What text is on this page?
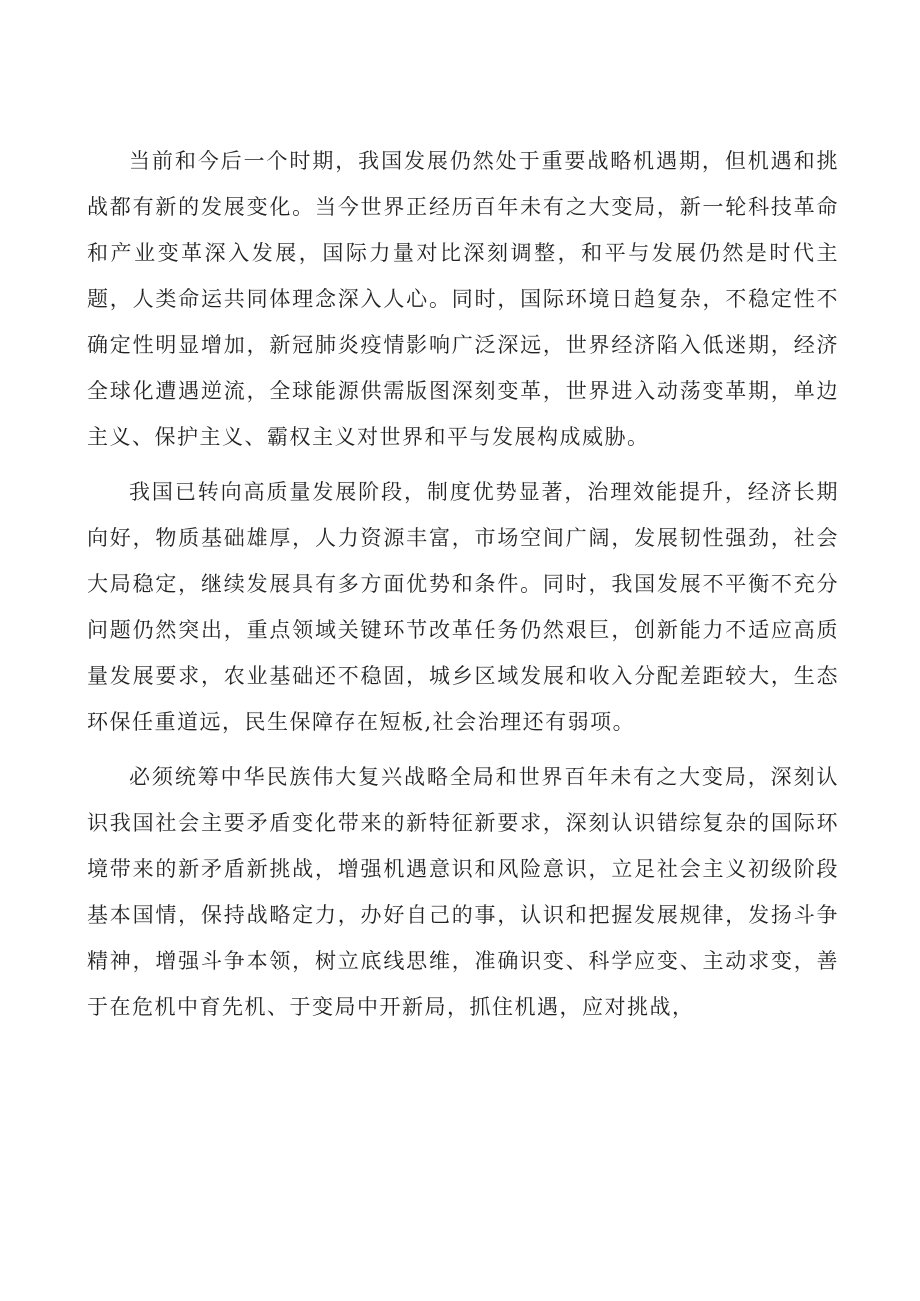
当前和今后一个时期，我国发展仍然处于重要战略机遇期，但机遇和挑战都有新的发展变化。当今世界正经历百年未有之大变局，新一轮科技革命和产业变革深入发展，国际力量对比深刻调整，和平与发展仍然是时代主题，人类命运共同体理念深入人心。同时，国际环境日趋复杂，不稳定性不确定性明显增加，新冠肺炎疫情影响广泛深远，世界经济陷入低迷期，经济全球化遭遇逆流，全球能源供需版图深刻变革，世界进入动荡变革期，单边主义、保护主义、霸权主义对世界和平与发展构成威胁。

我国已转向高质量发展阶段，制度优势显著，治理效能提升，经济长期向好，物质基础雄厚，人力资源丰富，市场空间广阔，发展韧性强劲，社会大局稳定，继续发展具有多方面优势和条件。同时，我国发展不平衡不充分问题仍然突出，重点领域关键环节改革任务仍然艰巨，创新能力不适应高质量发展要求，农业基础还不稳固，城乡区域发展和收入分配差距较大，生态环保任重道远，民生保障存在短板,社会治理还有弱项。

必须统筹中华民族伟大复兴战略全局和世界百年未有之大变局，深刻认识我国社会主要矛盾变化带来的新特征新要求，深刻认识错综复杂的国际环境带来的新矛盾新挑战，增强机遇意识和风险意识，立足社会主义初级阶段基本国情，保持战略定力，办好自己的事，认识和把握发展规律，发扬斗争精神，增强斗争本领，树立底线思维，准确识变、科学应变、主动求变，善于在危机中育先机、于变局中开新局，抓住机遇，应对挑战，
